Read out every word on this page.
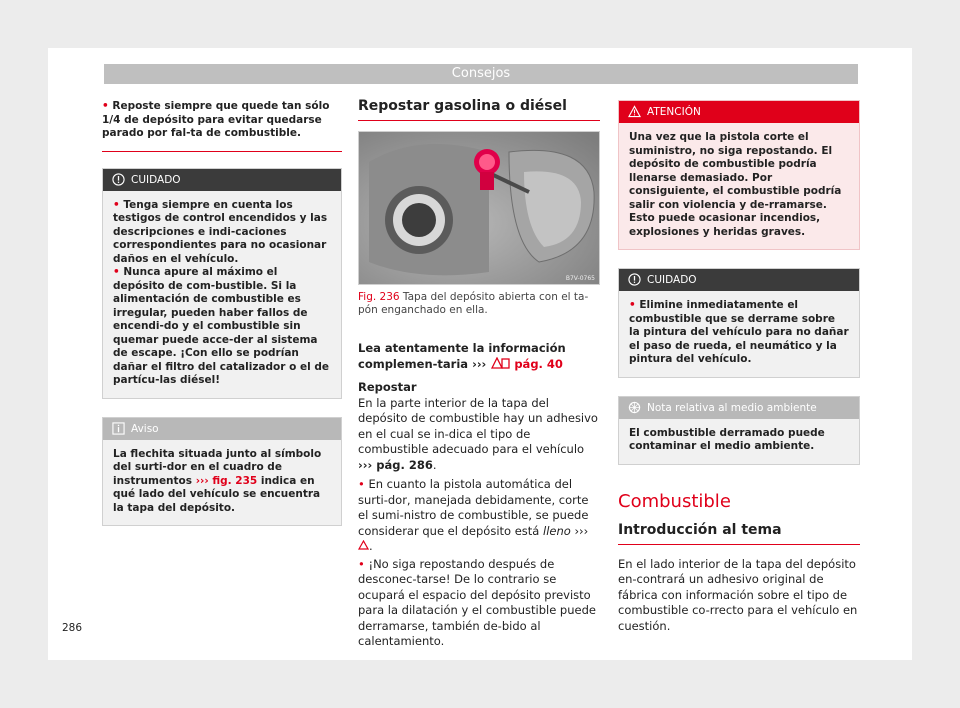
Consejos
• Reposte siempre que quede tan sólo 1/4 de depósito para evitar quedarse parado por fal-ta de combustible.
CUIDADO
• Tenga siempre en cuenta los testigos de control encendidos y las descripciones e indi-caciones correspondientes para no ocasionar daños en el vehículo.
• Nunca apure al máximo el depósito de com-bustible. Si la alimentación de combustible es irregular, pueden haber fallos de encendi-do y el combustible sin quemar puede acce-der al sistema de escape. ¡Con ello se podrían dañar el filtro del catalizador o el de partícu-las diésel!
Aviso
La flechita situada junto al símbolo del surti-dor en el cuadro de instrumentos ››› fig. 235 indica en qué lado del vehículo se encuentra la tapa del depósito.
Repostar gasolina o diésel
B7V-0765
Fig. 236 Tapa del depósito abierta con el ta-pón enganchado en ella.
Lea atentamente la información complemen-taria ››› pág. 40
Repostar
En la parte interior de la tapa del depósito de combustible hay un adhesivo en el cual se in-dica el tipo de combustible adecuado para el vehículo ››› pág. 286.
• En cuanto la pistola automática del surti-dor, manejada debidamente, corte el sumi-nistro de combustible, se puede considerar que el depósito está lleno ››› .
• ¡No siga repostando después de desconec-tarse! De lo contrario se ocupará el espacio del depósito previsto para la dilatación y el combustible puede derramarse, también de-bido al calentamiento.
ATENCIÓN
Una vez que la pistola corte el suministro, no siga repostando. El depósito de combustible podría llenarse demasiado. Por consiguiente, el combustible podría salir con violencia y de-rramarse. Esto puede ocasionar incendios, explosiones y heridas graves.
CUIDADO
• Elimine inmediatamente el combustible que se derrame sobre la pintura del vehículo para no dañar el paso de rueda, el neumático y la pintura del vehículo.
Nota relativa al medio ambiente
El combustible derramado puede contaminar el medio ambiente.
Combustible
Introducción al tema
En el lado interior de la tapa del depósito en-contrará un adhesivo original de fábrica con información sobre el tipo de combustible co-rrecto para el vehículo en cuestión.
286
